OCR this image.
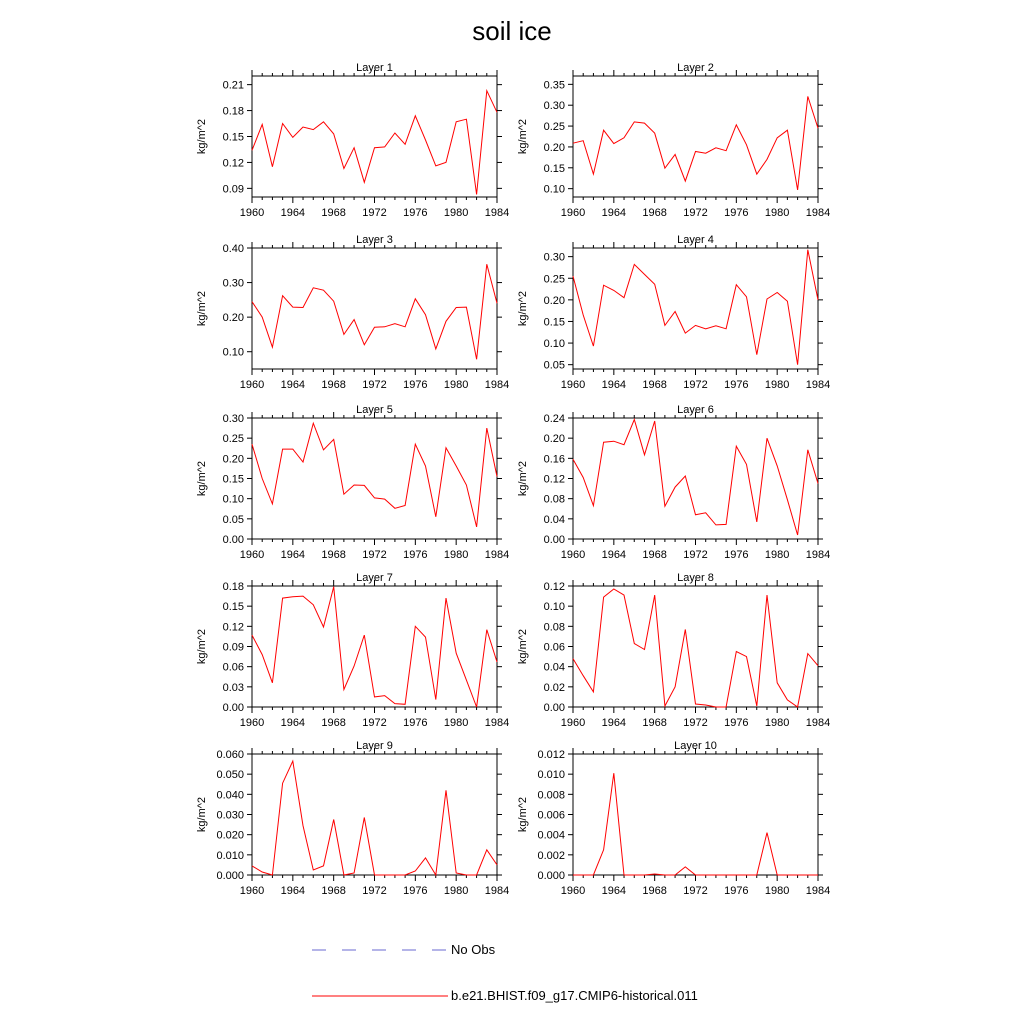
soil ice
Layer 1
0.09
0.12
0.15
0.18
0.21
1960 1964 1968 1972 1976 1980 1984
kg/m^2
Layer 2
0.10
0.15
0.20
0.25
0.30
0.35
1960 1964 1968 1972 1976 1980 1984
kg/m^2
Layer 3
0.10
0.20
0.30
0.40
1960 1964 1968 1972 1976 1980 1984
kg/m^2
Layer 4
0.05
0.10
0.15
0.20
0.25
0.30
1960 1964 1968 1972 1976 1980 1984
kg/m^2
Layer 5
0.00
0.05
0.10
0.15
0.20
0.25
0.30
1960 1964 1968 1972 1976 1980 1984
kg/m^2
Layer 6
0.00
0.04
0.08
0.12
0.16
0.20
0.24
1960 1964 1968 1972 1976 1980 1984
kg/m^2
Layer 7
0.00
0.03
0.06
0.09
0.12
0.15
0.18
1960 1964 1968 1972 1976 1980 1984
kg/m^2
Layer 8
0.00
0.02
0.04
0.06
0.08
0.10
0.12
1960 1964 1968 1972 1976 1980 1984
kg/m^2
Layer 9
0.000
0.010
0.020
0.030
0.040
0.050
0.060
1960 1964 1968 1972 1976 1980 1984
kg/m^2
Layer 10
0.000
0.002
0.004
0.006
0.008
0.010
0.012
1960 1964 1968 1972 1976 1980 1984
kg/m^2
No Obs
b.e21.BHIST.f09_g17.CMIP6-historical.011
